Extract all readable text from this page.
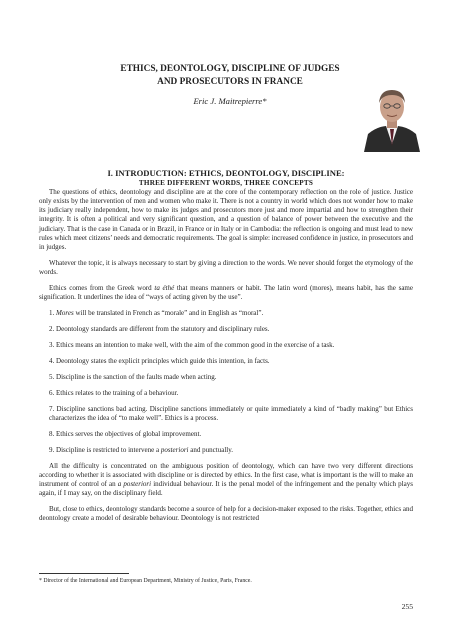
ETHICS, DEONTOLOGY, DISCIPLINE OF JUDGES
AND PROSECUTORS IN FRANCE
Eric J. Maitrepierre*
I. INTRODUCTION: ETHICS, DEONTOLOGY, DISCIPLINE:
THREE DIFFERENT WORDS, THREE CONCEPTS

The questions of ethics, deontology and discipline are at the core of the contemporary reflection on the role of justice. Justice only exists by the intervention of men and women who make it. There is not a country in world which does not wonder how to make its judiciary really independent, how to make its judges and prosecutors more just and more impartial and how to strengthen their integrity. It is often a political and very significant question, and a question of balance of power between the executive and the judiciary. That is the case in Canada or in Brazil, in France or in Italy or in Cambodia: the reflection is ongoing and must lead to new rules which meet citizens’ needs and democratic requirements. The goal is simple: increased confidence in justice, in prosecutors and in judges.

Whatever the topic, it is always necessary to start by giving a direction to the words. We never should forget the etymology of the words.

Ethics comes from the Greek word ta éthé that means manners or habit. The latin word (mores), means habit, has the same signification. It underlines the idea of “ways of acting given by the use”.

1. Mores will be translated in French as “morale” and in English as “moral”.

2. Deontology standards are different from the statutory and disciplinary rules.

3. Ethics means an intention to make well, with the aim of the common good in the exercise of a task.

4. Deontology states the explicit principles which guide this intention, in facts.

5. Discipline is the sanction of the faults made when acting.

6. Ethics relates to the training of a behaviour.

7. Discipline sanctions bad acting. Discipline sanctions immediately or quite immediately a kind of “badly making” but Ethics characterizes the idea of “to make well”. Ethics is a process.

8. Ethics serves the objectives of global improvement.

9. Discipline is restricted to intervene a posteriori and punctually.

All the difficulty is concentrated on the ambiguous position of deontology, which can have two very different directions according to whether it is associated with discipline or is directed by ethics. In the first case, what is important is the will to make an instrument of control of an a posteriori individual behaviour. It is the penal model of the infringement and the penalty which plays again, if I may say, on the disciplinary field.

But, close to ethics, deontology standards become a source of help for a decision-maker exposed to the risks. Together, ethics and deontology create a model of desirable behaviour. Deontology is not restricted

* Director of the International and European Department, Ministry of Justice, Paris, France.
255
